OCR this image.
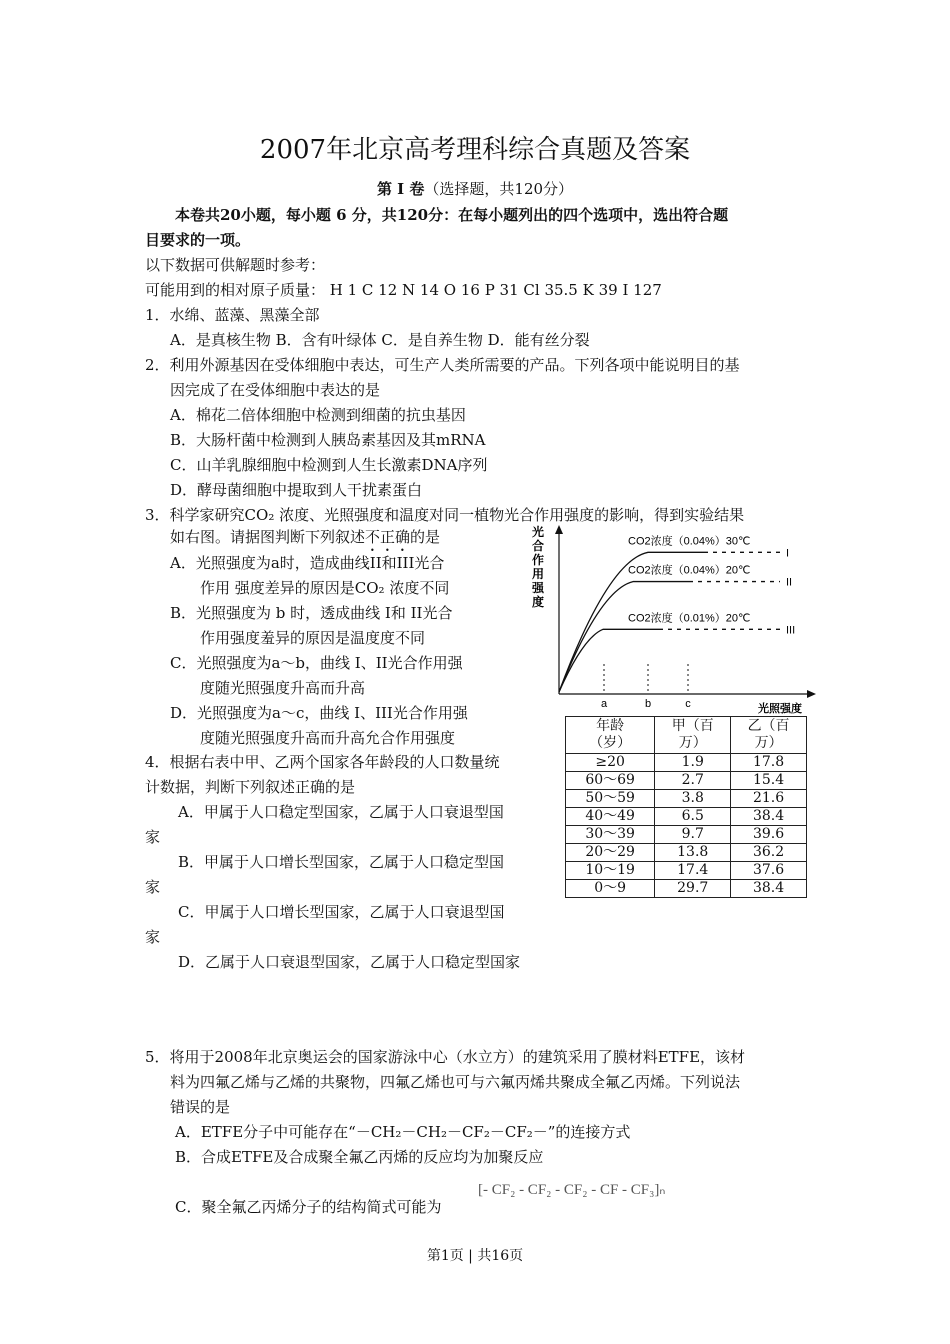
2007年北京高考理科综合真题及答案
第 I 卷（选择题，共120分）
本卷共20小题，每小题 6 分，共120分：在每小题列出的四个选项中，选出符合题
目要求的一项。
以下数据可供解题时参考：
可能用到的相对原子质量： H 1 C 12 N 14 O 16 P 31 Cl 35.5 K 39 I 127
1．水绵、蓝藻、黑藻全部
A．是真核生物 B．含有叶绿体 C．是自养生物 D．能有丝分裂
2．利用外源基因在受体细胞中表达，可生产人类所需要的产品。下列各项中能说明目的基
因完成了在受体细胞中表达的是
A．棉花二倍体细胞中检测到细菌的抗虫基因
B．大肠杆菌中检测到人胰岛素基因及其mRNA
C．山羊乳腺细胞中检测到人生长激素DNA序列
D．酵母菌细胞中提取到人干扰素蛋白
3．科学家研究CO₂ 浓度、光照强度和温度对同一植物光合作用强度的影响，得到实验结果
如右图。请据图判断下列叙述不正确的是
A．光照强度为a时，造成曲线II和III光合
作用 强度差异的原因是CO₂ 浓度不同
B．光照强度为 b 时，透成曲线 I和 II光合
作用强度羞异的原因是温度度不同
C．光照强度为a～b，曲线 I、II光合作用强
度随光照强度升高而升高
D．光照强度为a～c，曲线 I、III光合作用强
度随光照强度升高而升高允合作用强度
光
合
作
用
强
度
CO2浓度（0.04%）30℃
I
CO2浓度（0.04%）20℃
II
CO2浓度（0.01%）20℃
III
a	b	c	光照强度
4．根据右表中甲、乙两个国家各年龄段的人口数量统
计数据，判断下列叙述正确的是
A．甲属于人口稳定型国家，乙属于人口衰退型国
家
B．甲属于人口增长型国家，乙属于人口稳定型国
家
C．甲属于人口增长型国家，乙属于人口衰退型国
家
D．乙属于人口衰退型国家，乙属于人口稳定型国家
年龄
（岁）	甲（百
万）	乙（百
万）
≥20	1.9	17.8
60～69	2.7	15.4
50～59	3.8	21.6
40～49	6.5	38.4
30～39	9.7	39.6
20～29	13.8	36.2
10～19	17.4	37.6
0～9	29.7	38.4
5．将用于2008年北京奥运会的国家游泳中心（水立方）的建筑采用了膜材料ETFE，该材
料为四氟乙烯与乙烯的共聚物，四氟乙烯也可与六氟丙烯共聚成全氟乙丙烯。下列说法
错误的是
A．ETFE分子中可能存在“－CH₂－CH₂－CF₂－CF₂－”的连接方式
B．合成ETFE及合成聚全氟乙丙烯的反应均为加聚反应
C．聚全氟乙丙烯分子的结构简式可能为
[- CF₂ - CF₂ - CF₂ - CF - CF₃]ₙ
第1页 | 共16页
